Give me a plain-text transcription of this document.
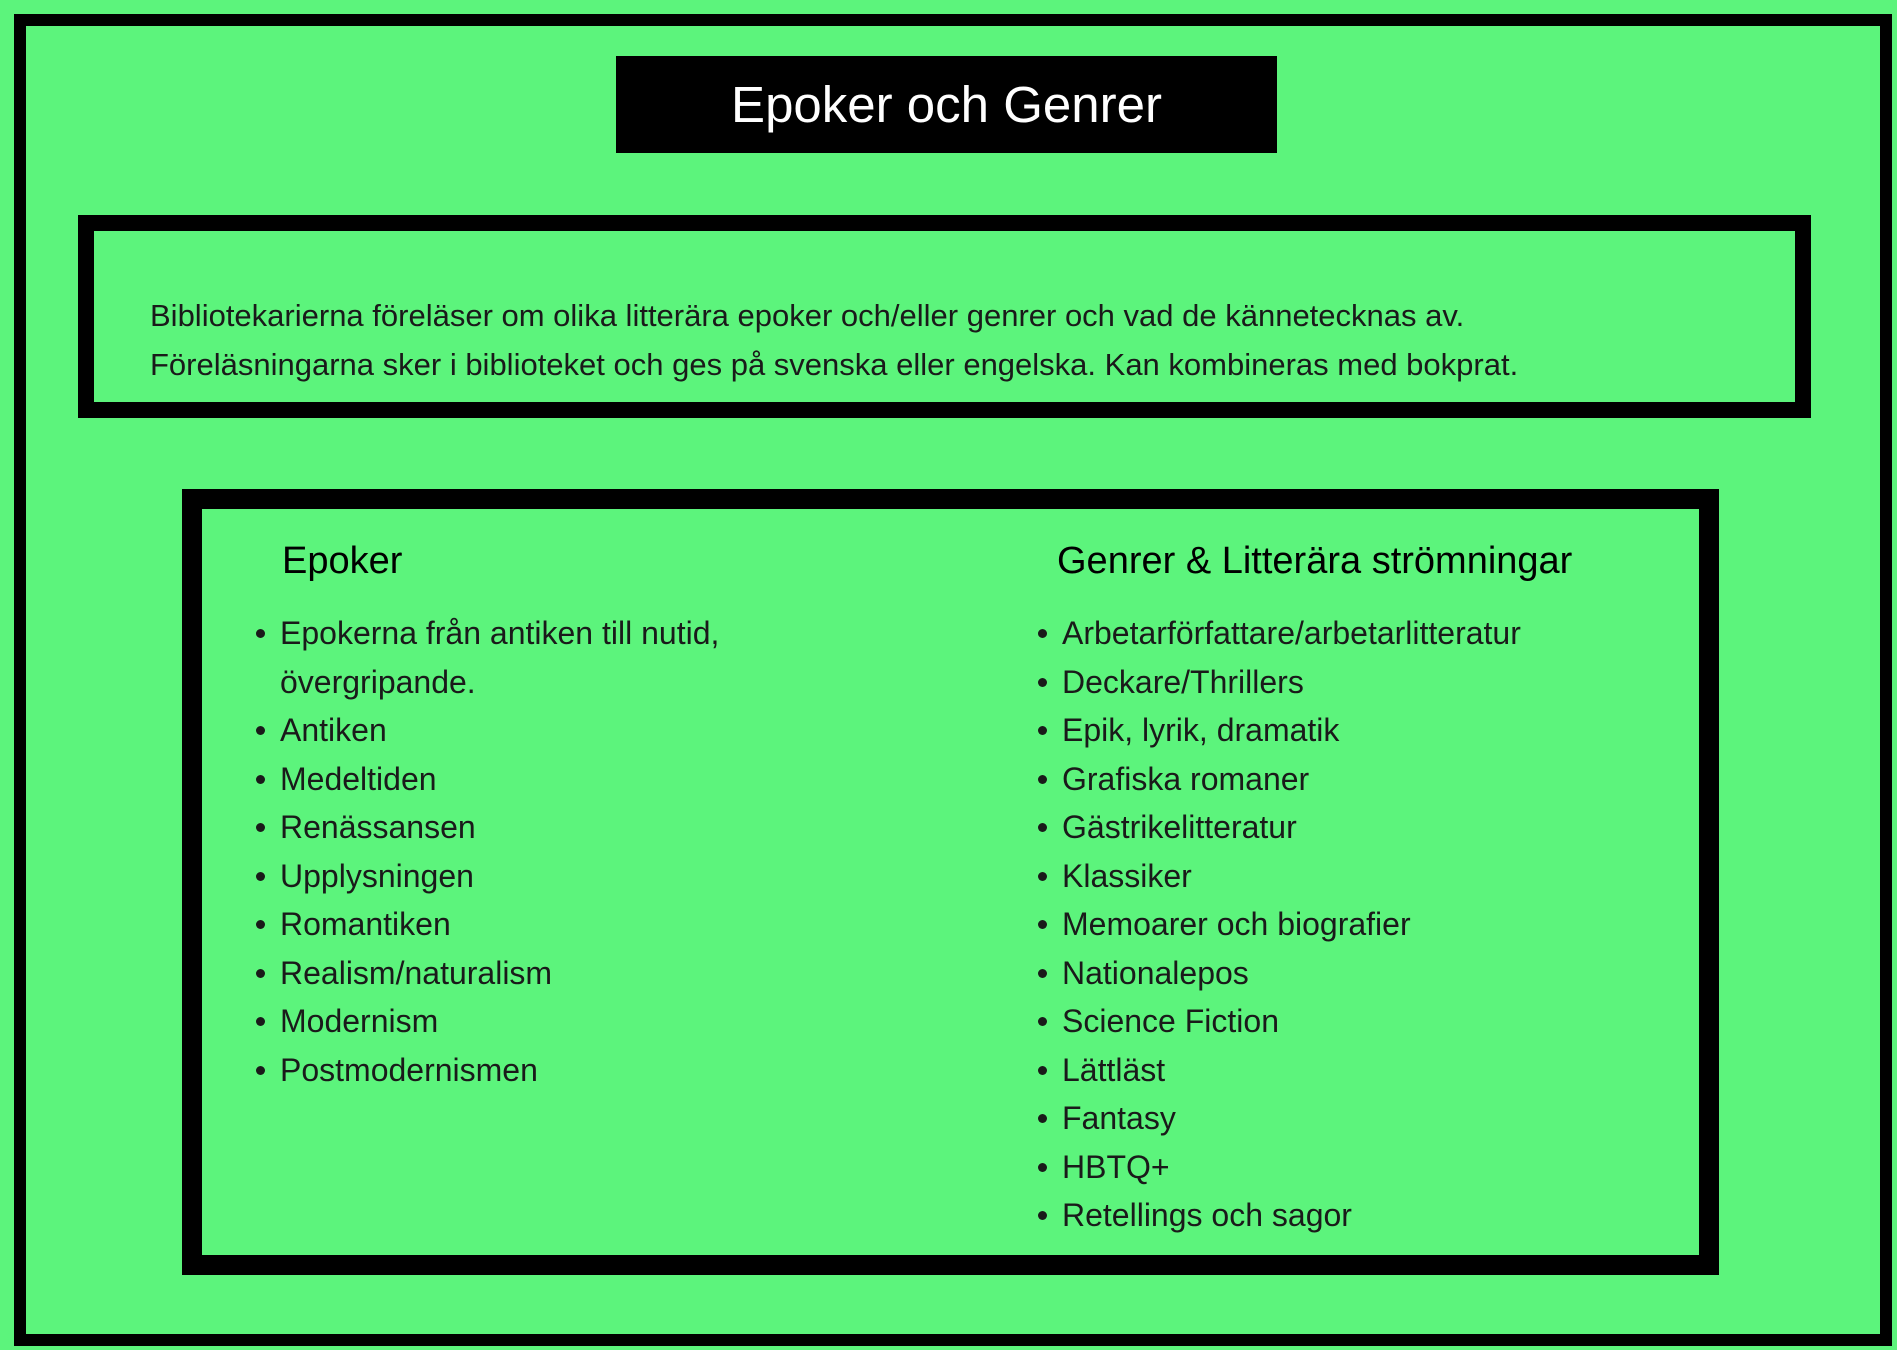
Epoker och Genrer
Bibliotekarierna föreläser om olika litterära epoker och/eller genrer och vad de kännetecknas av.
Föreläsningarna sker i biblioteket och ges på svenska eller engelska. Kan kombineras med bokprat.
Epoker	Genrer & Litterära strömningar
Epokerna från antiken till nutid, övergripande.
Antiken
Medeltiden
Renässansen
Upplysningen
Romantiken
Realism/naturalism
Modernism
Postmodernismen
Arbetarförfattare/arbetarlitteratur
Deckare/Thrillers
Epik, lyrik, dramatik
Grafiska romaner
Gästrikelitteratur
Klassiker
Memoarer och biografier
Nationalepos
Science Fiction
Lättläst
Fantasy
HBTQ+
Retellings och sagor
